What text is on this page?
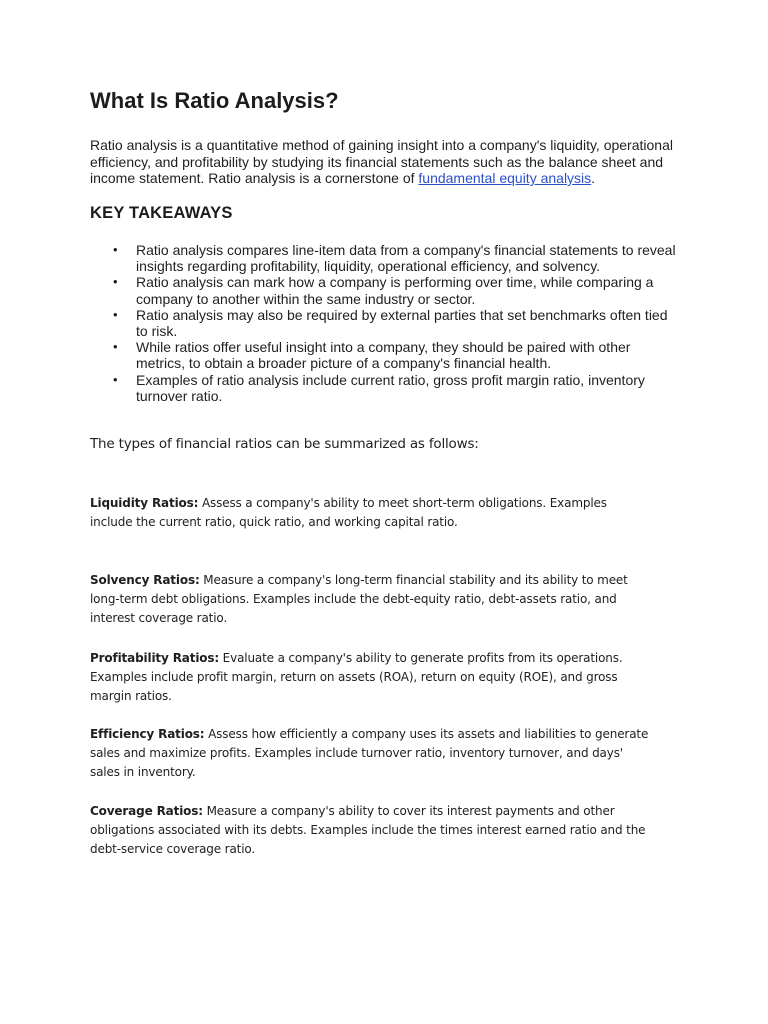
What Is Ratio Analysis?

Ratio analysis is a quantitative method of gaining insight into a company's liquidity, operational efficiency, and profitability by studying its financial statements such as the balance sheet and income statement. Ratio analysis is a cornerstone of fundamental equity analysis.

KEY TAKEAWAYS
• Ratio analysis compares line-item data from a company's financial statements to reveal insights regarding profitability, liquidity, operational efficiency, and solvency.
• Ratio analysis can mark how a company is performing over time, while comparing a company to another within the same industry or sector.
• Ratio analysis may also be required by external parties that set benchmarks often tied to risk.
• While ratios offer useful insight into a company, they should be paired with other metrics, to obtain a broader picture of a company's financial health.
• Examples of ratio analysis include current ratio, gross profit margin ratio, inventory turnover ratio.

The types of financial ratios can be summarized as follows:

Liquidity Ratios: Assess a company's ability to meet short-term obligations. Examples include the current ratio, quick ratio, and working capital ratio.

Solvency Ratios: Measure a company's long-term financial stability and its ability to meet long-term debt obligations. Examples include the debt-equity ratio, debt-assets ratio, and interest coverage ratio.

Profitability Ratios: Evaluate a company's ability to generate profits from its operations. Examples include profit margin, return on assets (ROA), return on equity (ROE), and gross margin ratios.

Efficiency Ratios: Assess how efficiently a company uses its assets and liabilities to generate sales and maximize profits. Examples include turnover ratio, inventory turnover, and days' sales in inventory.

Coverage Ratios: Measure a company's ability to cover its interest payments and other obligations associated with its debts. Examples include the times interest earned ratio and the debt-service coverage ratio.
